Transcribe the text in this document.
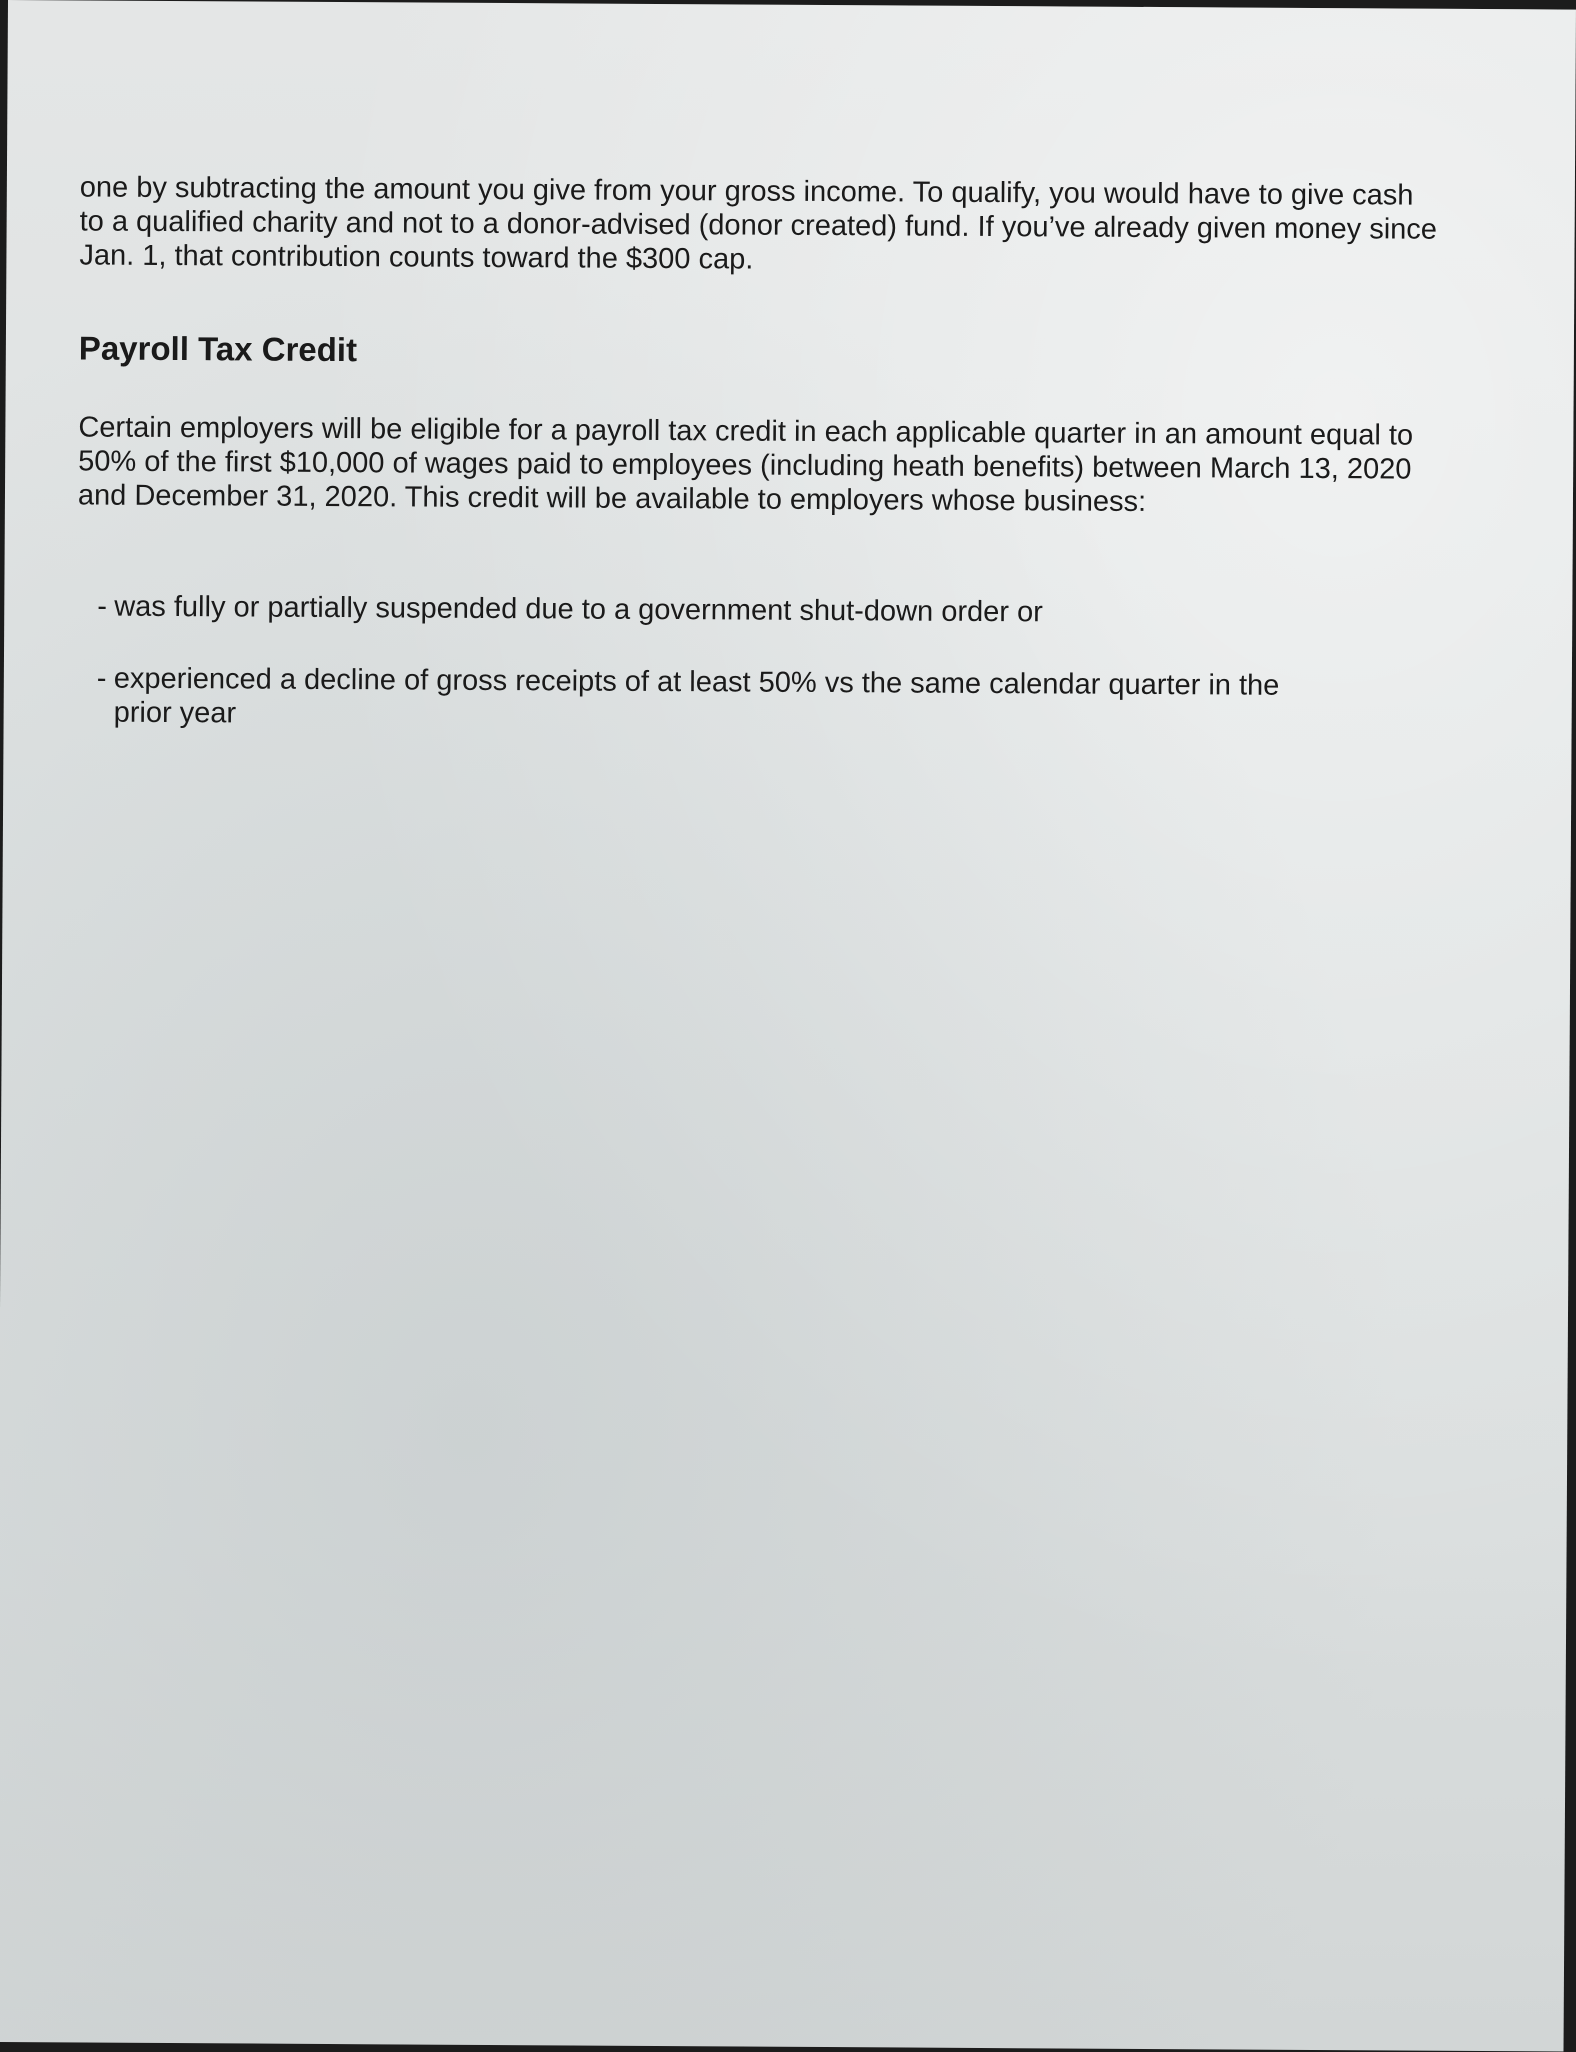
one by subtracting the amount you give from your gross income. To qualify, you would have to give cash
to a qualified charity and not to a donor-advised (donor created) fund. If you’ve already given money since
Jan. 1, that contribution counts toward the $300 cap.

Payroll Tax Credit

Certain employers will be eligible for a payroll tax credit in each applicable quarter in an amount equal to
50% of the first $10,000 of wages paid to employees (including heath benefits) between March 13, 2020
and December 31, 2020. This credit will be available to employers whose business:

- was fully or partially suspended due to a government shut-down order or

- experienced a decline of gross receipts of at least 50% vs the same calendar quarter in the
prior year
